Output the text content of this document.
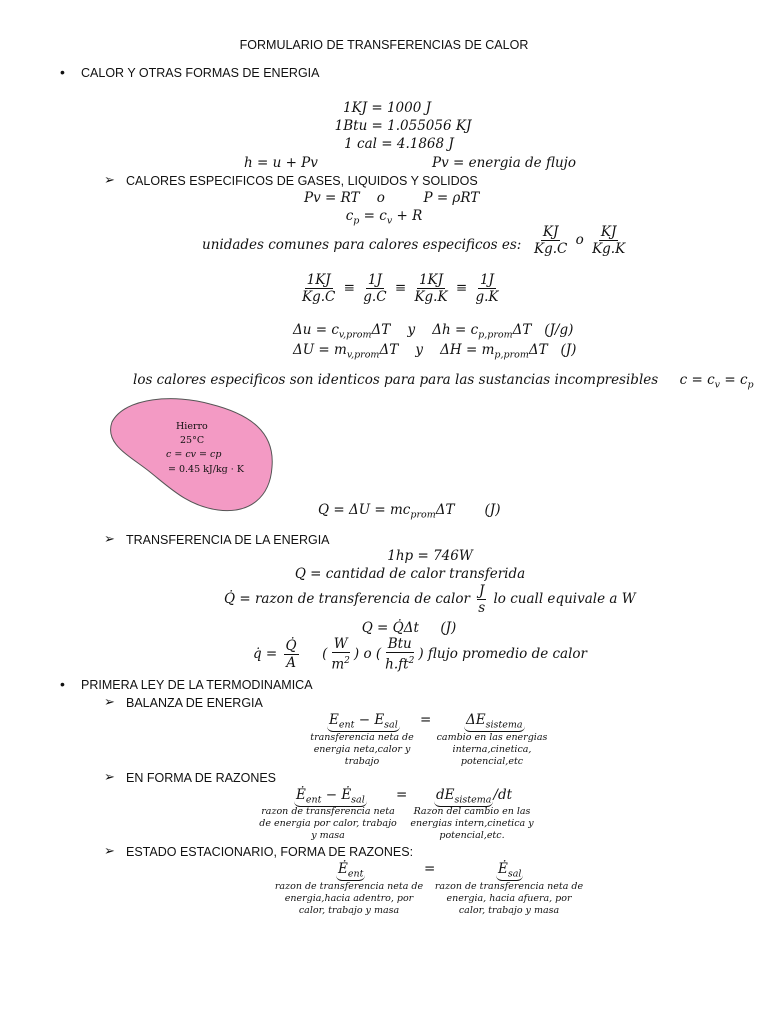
FORMULARIO DE TRANSFERENCIAS DE CALOR
• CALOR Y OTRAS FORMAS DE ENERGIA
1KJ = 1000 J
1Btu = 1.055056 KJ
1 cal = 4.1868 J
h = u + Pv	Pv = energia de flujo
➢ CALORES ESPECIFICOS DE GASES, LIQUIDOS Y SOLIDOS
Pv = RT    o         P = ρRT
$c_p = c_v + R$
unidades comunes para calores especificos es: $\frac{KJ}{Kg.C}$ o $\frac{KJ}{Kg.K}$
$\frac{1KJ}{Kg.C} \equiv \frac{1J}{g.C} \equiv \frac{1KJ}{Kg.K} \equiv \frac{1J}{g.K}$
$\Delta u = c_{v,prom}\Delta T$    y    $\Delta h = c_{p,prom}\Delta T$   (J/g)
$\Delta U = m_{v,prom}\Delta T$    y    $\Delta H = m_{p,prom}\Delta T$   (J)
los calores especificos son identicos para para las sustancias incompresibles     $c = c_v = c_p$
Hierro
25°C
c = cv = cp
= 0.45 kJ/kg · K
$Q = \Delta U = mc_{prom}\Delta T$       (J)
➢ TRANSFERENCIA DE LA ENERGIA
1hp = 746W
Q = cantidad de calor transferida
Q̇ = razon de transferencia de calor $\frac{J}{s}$ lo cuall equivale a W
Q = Q̇Δt     (J)
q̇ = $\frac{Q̇}{A}$ ( $\frac{W}{m^2}$ ) o ( $\frac{\text{Btu}}{h.ft^2}$ ) flujo promedio de calor
• PRIMERA LEY DE LA TERMODINAMICA
➢ BALANZA DE ENERGIA
$E_{ent} - E_{sal}$ =	$\Delta E_{sistema}$
transferencia neta de energia neta,calor y trabajo
cambio en las energias interna,cinetica, potencial,etc
➢ EN FORMA DE RAZONES
$Ė_{ent}$ − $Ė_{sal} = dE_{sistema}$ /dt
razon de transferencia neta de energia por calor, trabajo y masa
Razon del cambio en las energias intern,cinetica y potencial,etc.
➢ ESTADO ESTACIONARIO, FORMA DE RAZONES:
$Ė_{ent}$	=	$Ė_{sal}$
razon de transferencia neta de energia,hacia adentro, por calor, trabajo y masa
razon de transferencia neta de energia, hacia afuera, por calor, trabajo y masa
